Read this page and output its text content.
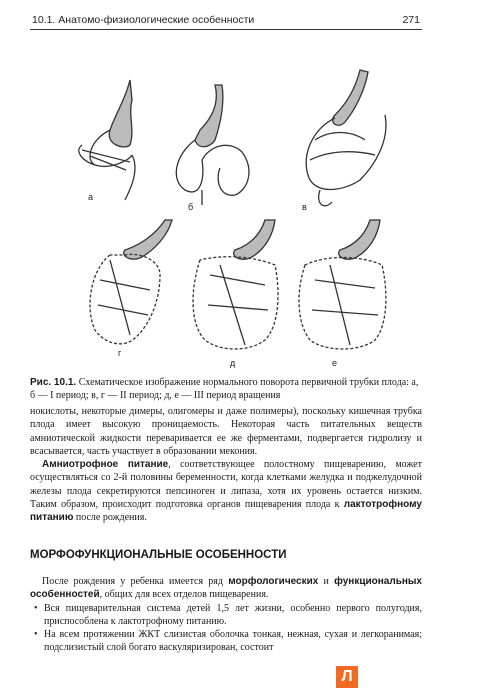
10.1. Анатомо-физиологические особенности	271
а
б	в
г
д	е
Рис. 10.1. Схематическое изображение нормального поворота первичной трубки плода: а, б — I период; в, г — II период; д, е — III период вращения

нокислоты, некоторые димеры, олигомеры и даже полимеры), поскольку кишечная трубка плода имеет высокую проницаемость. Некоторая часть питательных веществ амниотической жидкости переваривается ее же ферментами, подвергается гидролизу и всасывается, часть участвует в образовании мекония.

Амниотрофное питание, соответствующее полостному пищеварению, может осуществляться со 2-й половины беременности, когда клетками желудка и поджелудочной железы плода секретируются пепсиноген и липаза, хотя их уровень остается низким. Таким образом, происходит подготовка органов пищеварения плода к лактотрофному питанию после рождения.

МОРФОФУНКЦИОНАЛЬНЫЕ ОСОБЕННОСТИ

После рождения у ребенка имеется ряд морфологических и функциональных особенностей, общих для всех отделов пищеварения.

• Вся пищеварительная система детей 1,5 лет жизни, особенно первого полугодия, приспособлена к лактотрофному питанию.
• На всем протяжении ЖКТ слизистая оболочка тонкая, нежная, сухая и легкоранимая; подслизистый слой богато васкуляризирован, состоит
Л
